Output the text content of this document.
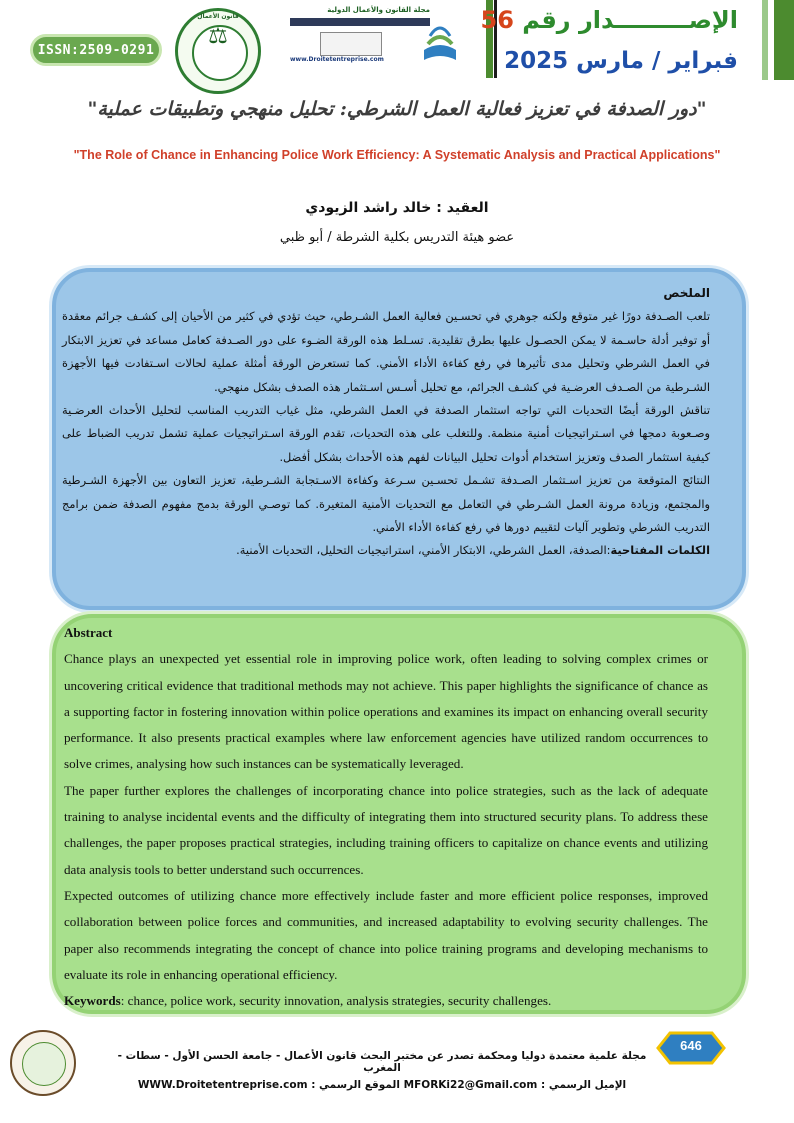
ISSN:2509-0291
قانون الأعمال
⚖
مجلة القانون والأعمال الدولية
www.Droitetentreprise.com
الإصـــــــــدار رقم 56
فبراير / مارس 2025
"دور الصدفة في تعزيز فعالية العمل الشرطي: تحليل منهجي وتطبيقات عملية"
"The Role of Chance in Enhancing Police Work Efficiency: A Systematic Analysis and Practical Applications"
العقيد : خالد راشد الزيودي
عضو هيئة التدريس بكلية الشرطة / أبو ظبي

الملخص

تلعب الصـدفة دورًا غير متوقع ولكنه جوهري في تحسـين فعالية العمل الشـرطي، حيث تؤدي في كثير من الأحيان إلى كشـف جرائم معقدة أو توفير أدلة حاسـمة لا يمكن الحصـول عليها بطرق تقليدية. تسـلط هذه الورقة الضـوء على دور الصـدفة كعامل مساعد في تعزيز الابتكار في العمل الشرطي وتحليل مدى تأثيرها في رفع كفاءة الأداء الأمني. كما تستعرض الورقة أمثلة عملية لحالات اسـتفادت فيها الأجهزة الشـرطية من الصـدف العرضـية في كشـف الجرائم، مع تحليل أسـس اسـتثمار هذه الصدف بشكل منهجي.

تناقش الورقة أيضًا التحديات التي تواجه استثمار الصدفة في العمل الشرطي، مثل غياب التدريب المناسب لتحليل الأحداث العرضـية وصـعوبة دمجها في اسـتراتيجيات أمنية منظمة. وللتغلب على هذه التحديات، تقدم الورقة اسـتراتيجيات عملية تشمل تدريب الضباط على كيفية استثمار الصدف وتعزيز استخدام أدوات تحليل البيانات لفهم هذه الأحداث بشكل أفضل.

النتائج المتوقعة من تعزيز اسـتثمار الصـدفة تشـمل تحسـين سـرعة وكفاءة الاسـتجابة الشـرطية، تعزيز التعاون بين الأجهزة الشـرطية والمجتمع، وزيادة مرونة العمل الشـرطي في التعامل مع التحديات الأمنية المتغيرة. كما توصـي الورقة بدمج مفهوم الصدفة ضمن برامج التدريب الشرطي وتطوير آليات لتقييم دورها في رفع كفاءة الأداء الأمني.

الكلمات المفتاحية:الصدفة، العمل الشرطي، الابتكار الأمني، استراتيجيات التحليل، التحديات الأمنية.

Abstract

Chance plays an unexpected yet essential role in improving police work, often leading to solving complex crimes or uncovering critical evidence that traditional methods may not achieve. This paper highlights the significance of chance as a supporting factor in fostering innovation within police operations and examines its impact on enhancing overall security performance. It also presents practical examples where law enforcement agencies have utilized random occurrences to solve crimes, analysing how such instances can be systematically leveraged.

The paper further explores the challenges of incorporating chance into police strategies, such as the lack of adequate training to analyse incidental events and the difficulty of integrating them into structured security plans. To address these challenges, the paper proposes practical strategies, including training officers to capitalize on chance events and utilizing data analysis tools to better understand such occurrences.

Expected outcomes of utilizing chance more effectively include faster and more efficient police responses, improved collaboration between police forces and communities, and increased adaptability to evolving security challenges. The paper also recommends integrating the concept of chance into police training programs and developing mechanisms to evaluate its role in enhancing operational efficiency.

Keywords: chance, police work, security innovation, analysis strategies, security challenges.

646
مجلة علمية معتمدة دوليا ومحكمة تصدر عن مختبر البحث قانون الأعمال - جامعة الحسن الأول - سطات - المغرب
الإميل الرسمي : MFORKi22@Gmail.com الموقع الرسمي : WWW.Droitetentreprise.com
